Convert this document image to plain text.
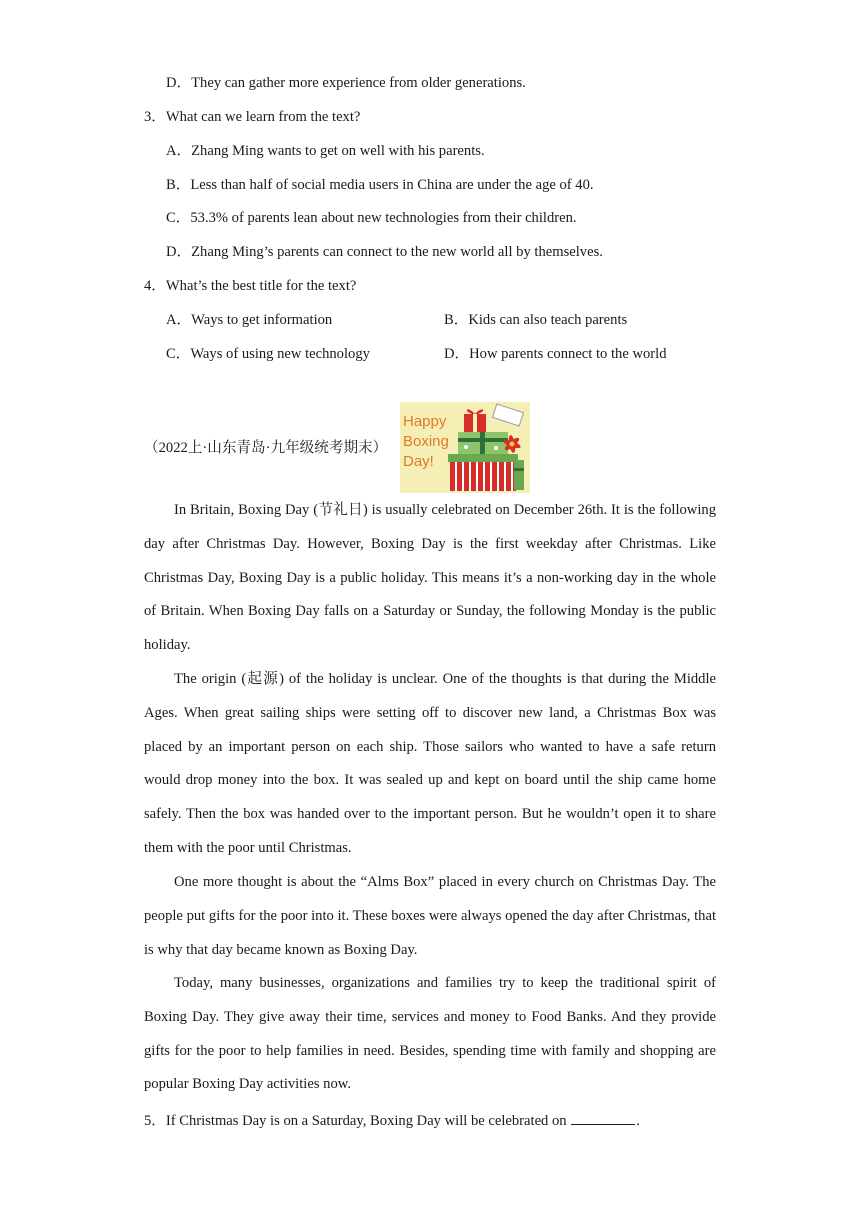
D．They can gather more experience from older generations.
3．What can we learn from the text?
A．Zhang Ming wants to get on well with his parents.
B．Less than half of social media users in China are under the age of 40.
C．53.3% of parents lean about new technologies from their children.
D．Zhang Ming’s parents can connect to the new world all by themselves.
4．What’s the best title for the text?
A．Ways to get information	B．Kids can also teach parents
C．Ways of using new technology	D．How parents connect to the world
（2022上·山东青岛·九年级统考期末）
Happy
Boxing
Day!

In Britain, Boxing Day (节礼日) is usually celebrated on December 26th. It is the following day after Christmas Day. However, Boxing Day is the first weekday after Christmas. Like Christmas Day, Boxing Day is a public holiday. This means it’s a non-working day in the whole of Britain. When Boxing Day falls on a Saturday or Sunday, the following Monday is the public holiday.

The origin (起源) of the holiday is unclear. One of the thoughts is that during the Middle Ages. When great sailing ships were setting off to discover new land, a Christmas Box was placed by an important person on each ship. Those sailors who wanted to have a safe return would drop money into the box. It was sealed up and kept on board until the ship came home safely. Then the box was handed over to the important person. But he wouldn’t open it to share them with the poor until Christmas.

One more thought is about the “Alms Box” placed in every church on Christmas Day. The people put gifts for the poor into it. These boxes were always opened the day after Christmas, that is why that day became known as Boxing Day.

Today, many businesses, organizations and families try to keep the traditional spirit of Boxing Day. They give away their time, services and money to Food Banks. And they provide gifts for the poor to help families in need. Besides, spending time with family and shopping are popular Boxing Day activities now.

5．If Christmas Day is on a Saturday, Boxing Day will be celebrated on	.
